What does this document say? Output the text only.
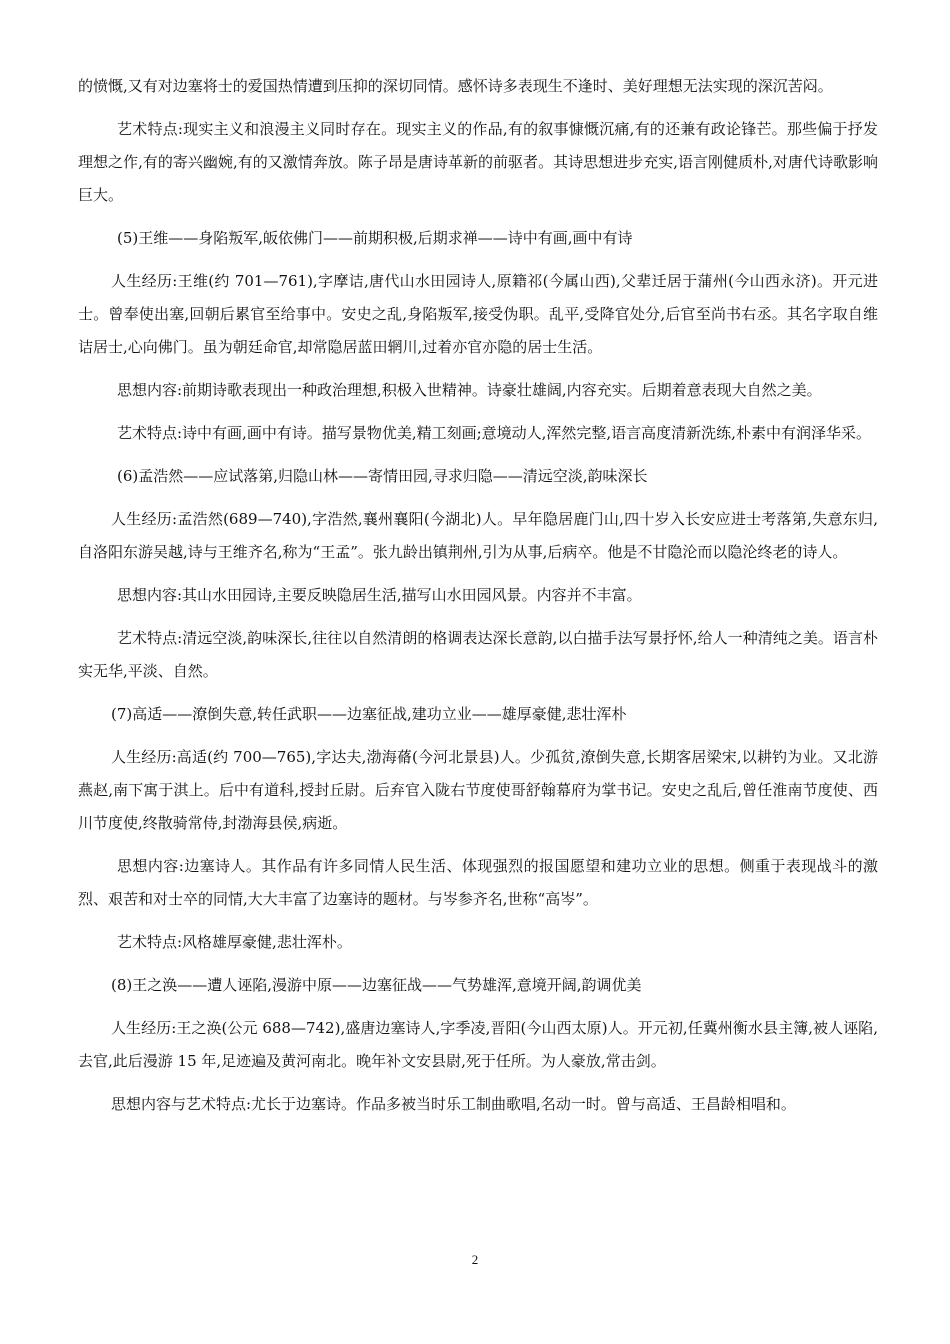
的愤慨,又有对边塞将士的爱国热情遭到压抑的深切同情。感怀诗多表现生不逢时、美好理想无法实现的深沉苦闷。

艺术特点:现实主义和浪漫主义同时存在。现实主义的作品,有的叙事慷慨沉痛,有的还兼有政论锋芒。那些偏于抒发理想之作,有的寄兴幽婉,有的又激情奔放。陈子昂是唐诗革新的前驱者。其诗思想进步充实,语言刚健质朴,对唐代诗歌影响巨大。

(5)王维——身陷叛军,皈依佛门——前期积极,后期求禅——诗中有画,画中有诗

人生经历:王维(约 701—761),字摩诘,唐代山水田园诗人,原籍祁(今属山西),父辈迁居于蒲州(今山西永济)。开元进士。曾奉使出塞,回朝后累官至给事中。安史之乱,身陷叛军,接受伪职。乱平,受降官处分,后官至尚书右丞。其名字取自维诘居士,心向佛门。虽为朝廷命官,却常隐居蓝田辋川,过着亦官亦隐的居士生活。

思想内容:前期诗歌表现出一种政治理想,积极入世精神。诗豪壮雄阔,内容充实。后期着意表现大自然之美。

艺术特点:诗中有画,画中有诗。描写景物优美,精工刻画;意境动人,浑然完整,语言高度清新洗练,朴素中有润泽华采。

(6)孟浩然——应试落第,归隐山林——寄情田园,寻求归隐——清远空淡,韵味深长

人生经历:孟浩然(689—740),字浩然,襄州襄阳(今湖北)人。早年隐居鹿门山,四十岁入长安应进士考落第,失意东归,自洛阳东游吴越,诗与王维齐名,称为“王孟”。张九龄出镇荆州,引为从事,后病卒。他是不甘隐沦而以隐沦终老的诗人。

思想内容:其山水田园诗,主要反映隐居生活,描写山水田园风景。内容并不丰富。

艺术特点:清远空淡,韵味深长,往往以自然清朗的格调表达深长意韵,以白描手法写景抒怀,给人一种清纯之美。语言朴实无华,平淡、自然。

(7)高适——潦倒失意,转任武职——边塞征战,建功立业——雄厚豪健,悲壮浑朴

人生经历:高适(约 700—765),字达夫,渤海蓨(今河北景县)人。少孤贫,潦倒失意,长期客居梁宋,以耕钓为业。又北游燕赵,南下寓于淇上。后中有道科,授封丘尉。后弃官入陇右节度使哥舒翰幕府为掌书记。安史之乱后,曾任淮南节度使、西川节度使,终散骑常侍,封渤海县侯,病逝。

思想内容:边塞诗人。其作品有许多同情人民生活、体现强烈的报国愿望和建功立业的思想。侧重于表现战斗的激烈、艰苦和对士卒的同情,大大丰富了边塞诗的题材。与岑参齐名,世称“高岑”。

艺术特点:风格雄厚豪健,悲壮浑朴。

(8)王之涣——遭人诬陷,漫游中原——边塞征战——气势雄浑,意境开阔,韵调优美

人生经历:王之涣(公元 688—742),盛唐边塞诗人,字季凌,晋阳(今山西太原)人。开元初,任冀州衡水县主簿,被人诬陷,去官,此后漫游 15 年,足迹遍及黄河南北。晚年补文安县尉,死于任所。为人豪放,常击剑。

思想内容与艺术特点:尤长于边塞诗。作品多被当时乐工制曲歌唱,名动一时。曾与高适、王昌龄相唱和。

2
